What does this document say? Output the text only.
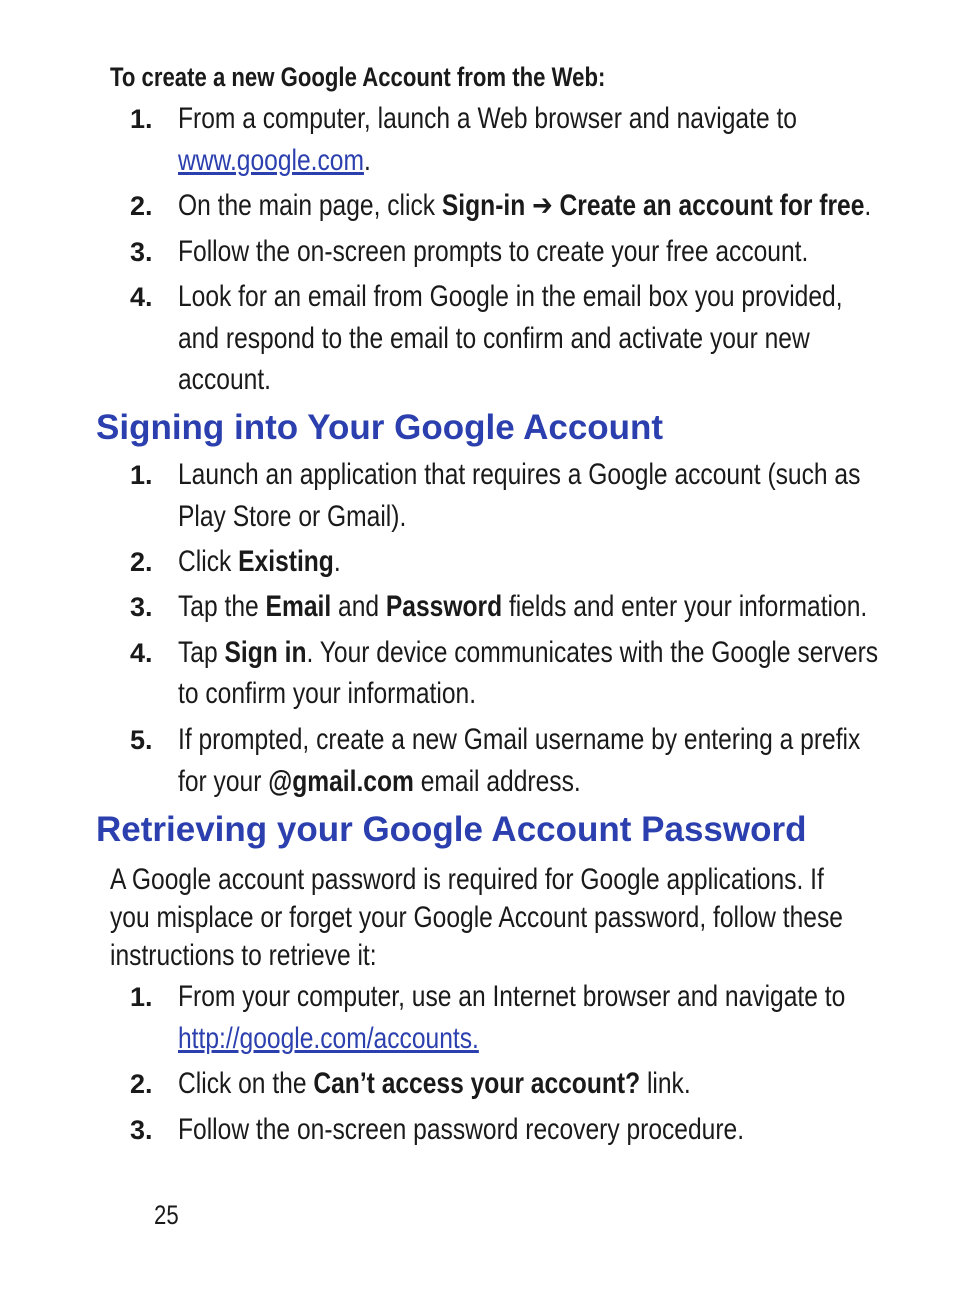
To create a new Google Account from the Web:
1. From a computer, launch a Web browser and navigate to
www.google.com.
2. On the main page, click Sign-in ➔ Create an account for free.
3. Follow the on-screen prompts to create your free account.
4. Look for an email from Google in the email box you provided,
and respond to the email to confirm and activate your new
account.
Signing into Your Google Account
1. Launch an application that requires a Google account (such as
Play Store or Gmail).
2. Click Existing.
3. Tap the Email and Password fields and enter your information.
4. Tap Sign in. Your device communicates with the Google servers
to confirm your information.
5. If prompted, create a new Gmail username by entering a prefix
for your @gmail.com email address.
Retrieving your Google Account Password
A Google account password is required for Google applications. If
you misplace or forget your Google Account password, follow these
instructions to retrieve it:
1. From your computer, use an Internet browser and navigate to
http://google.com/accounts.
2. Click on the Can’t access your account? link.
3. Follow the on-screen password recovery procedure.
25
